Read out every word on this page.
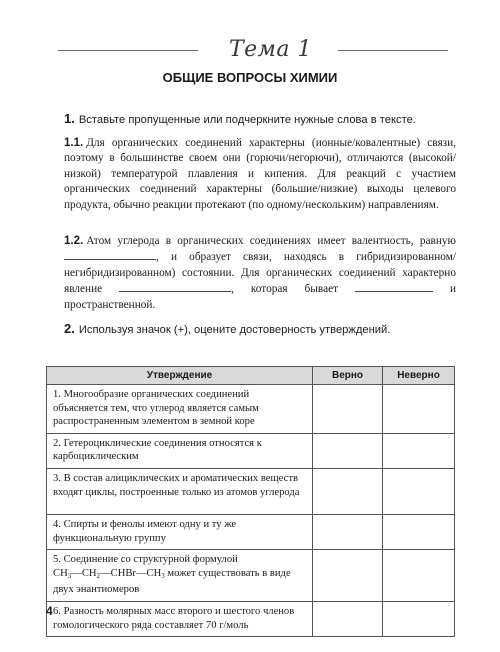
Тема 1
ОБЩИЕ ВОПРОСЫ ХИМИИ
1. Вставьте пропущенные или подчеркните нужные слова в тексте.
1.1. Для органических соединений характерны (ионные/ковалентные) связи, поэтому в большинстве своем они (горючи/негорючи), отличаются (высокой/низкой) температурой плавления и кипения. Для реакций с участием органических соединений характерны (большие/низкие) выходы целевого продукта, обычно реакции протекают (по одному/нескольким) направлениям.
1.2. Атом углерода в органических соединениях имеет валентность, равную , и образует связи, находясь в гибридизированном/негибридизированном) состоянии. Для органических соединений характерно явление	, которая бывает	и пространственной.
2. Используя значок (+), оцените достоверность утверждений.
Утверждение	Верно	Неверно
1. Многообразие органических соединений объясняется тем, что углерод является самым распространенным элементом в земной коре		
2. Гетероциклические соединения относятся к карбоциклическим		
3. В состав алициклических и ароматических веществ входят циклы, построенные только из атомов углерода		
4. Спирты и фенолы имеют одну и ту же функциональную группу		
5. Соединение со структурной формулой
$CH_3—CH_2—CHBr—CH_3$ может существовать в виде двух энантиомеров		
6. Разность молярных масс второго и шестого членов гомологического ряда составляет 70 г/моль		
4
